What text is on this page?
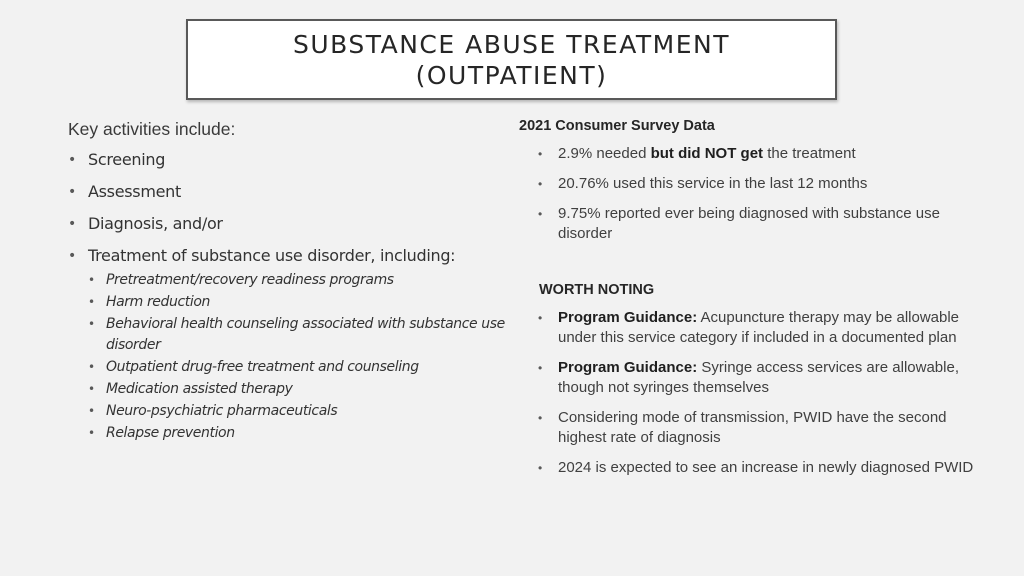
SUBSTANCE ABUSE TREATMENT
(OUTPATIENT)
Key activities include:
• Screening
• Assessment
• Diagnosis, and/or
• Treatment of substance use disorder, including:
• Pretreatment/recovery readiness programs
• Harm reduction
• Behavioral health counseling associated with substance use disorder
• Outpatient drug-free treatment and counseling
• Medication assisted therapy
• Neuro-psychiatric pharmaceuticals
• Relapse prevention
2021 Consumer Survey Data
• 2.9% needed but did NOT get the treatment
• 20.76% used this service in the last 12 months
• 9.75% reported ever being diagnosed with substance use disorder
WORTH NOTING
• Program Guidance: Acupuncture therapy may be allowable under this service category if included in a documented plan
• Program Guidance: Syringe access services are allowable, though not syringes themselves
• Considering mode of transmission, PWID have the second highest rate of diagnosis
• 2024 is expected to see an increase in newly diagnosed PWID
